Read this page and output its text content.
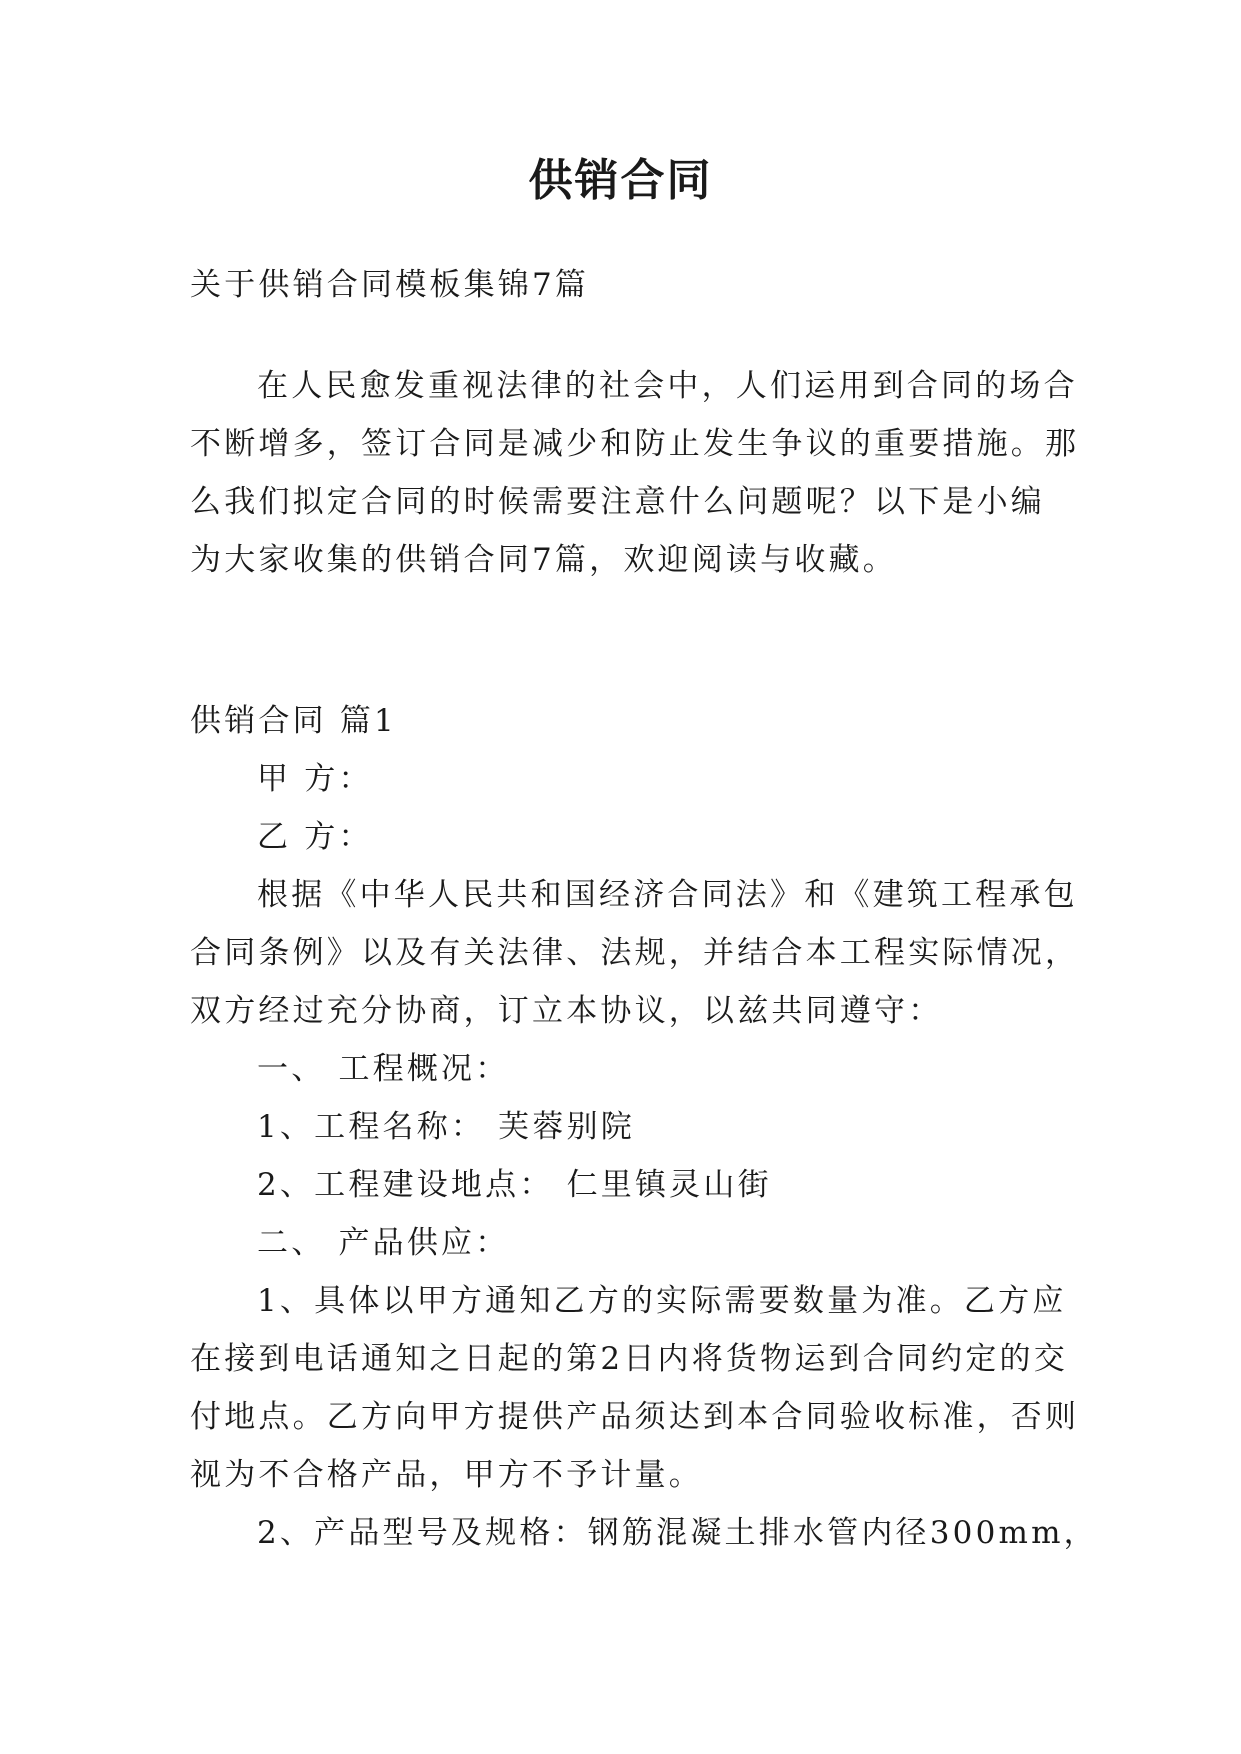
供销合同
关于供销合同模板集锦7篇
在人民愈发重视法律的社会中，人们运用到合同的场合
不断增多，签订合同是减少和防止发生争议的重要措施。那
么我们拟定合同的时候需要注意什么问题呢？以下是小编
为大家收集的供销合同7篇，欢迎阅读与收藏。
供销合同 篇1
甲 方：
乙 方：
根据《中华人民共和国经济合同法》和《建筑工程承包
合同条例》以及有关法律、法规，并结合本工程实际情况，
双方经过充分协商，订立本协议，以兹共同遵守：
一、 工程概况：
1、工程名称： 芙蓉别院
2、工程建设地点： 仁里镇灵山街
二、 产品供应：
1、具体以甲方通知乙方的实际需要数量为准。乙方应
在接到电话通知之日起的第2日内将货物运到合同约定的交
付地点。乙方向甲方提供产品须达到本合同验收标准，否则
视为不合格产品，甲方不予计量。
2、产品型号及规格：钢筋混凝土排水管内径300mm，
